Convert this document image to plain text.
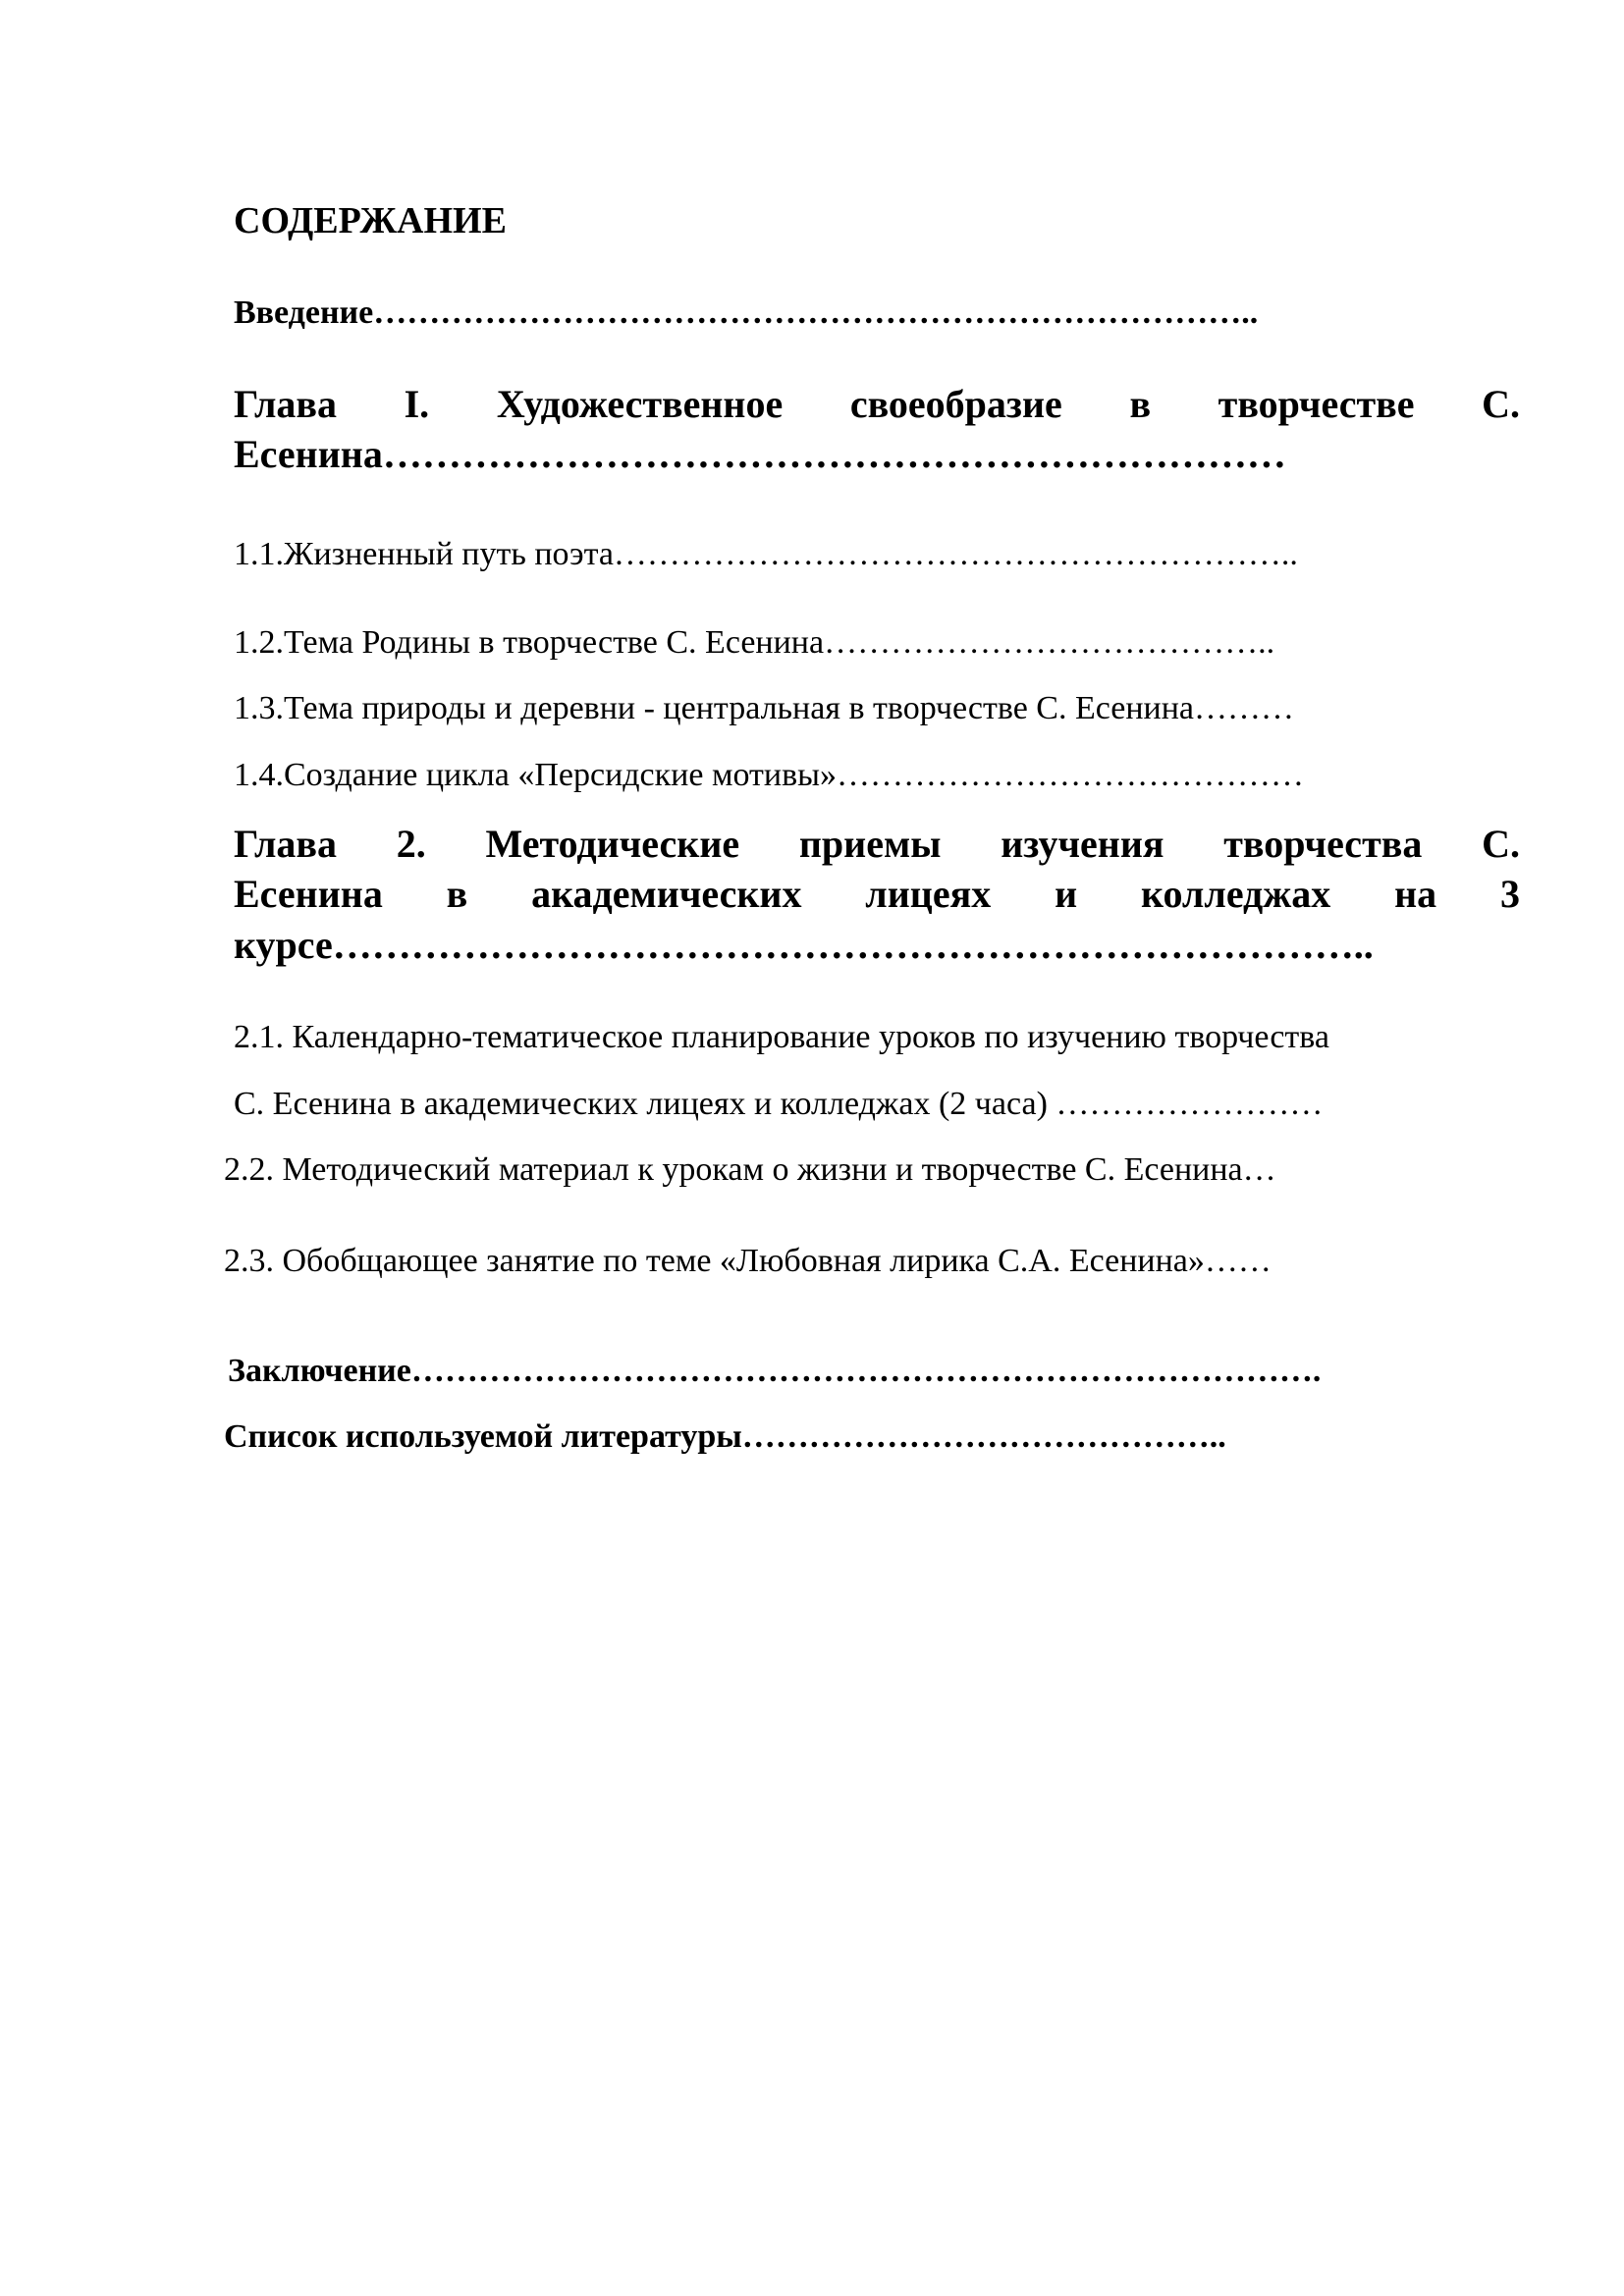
СОДЕРЖАНИЕ
Введение……………………………………………………………………..
Глава I. Художественное своеобразие в творчестве С.
Есенина……………………………………………………………
1.1.Жизненный путь поэта……………………………………………………..
1.2.Тема Родины в творчестве С. Есенина…………………………………..
1.3.Тема природы и деревни - центральная в творчестве С. Есенина………
1.4.Создание цикла «Персидские мотивы»……………………………………
Глава 2. Методические приемы изучения творчества С.
Есенина в академических лицеях и колледжах на 3
курсе……………………………………………………………………..
2.1. Календарно-тематическое планирование уроков по изучению творчества
С. Есенина в академических лицеях и колледжах (2 часа) ……………………
2.2. Методический материал к урокам о жизни и творчестве С. Есенина…
2.3. Обобщающее занятие по теме «Любовная лирика С.А. Есенина»……
Заключение……………………………………………………………………….
Список используемой литературы……………………………………..
